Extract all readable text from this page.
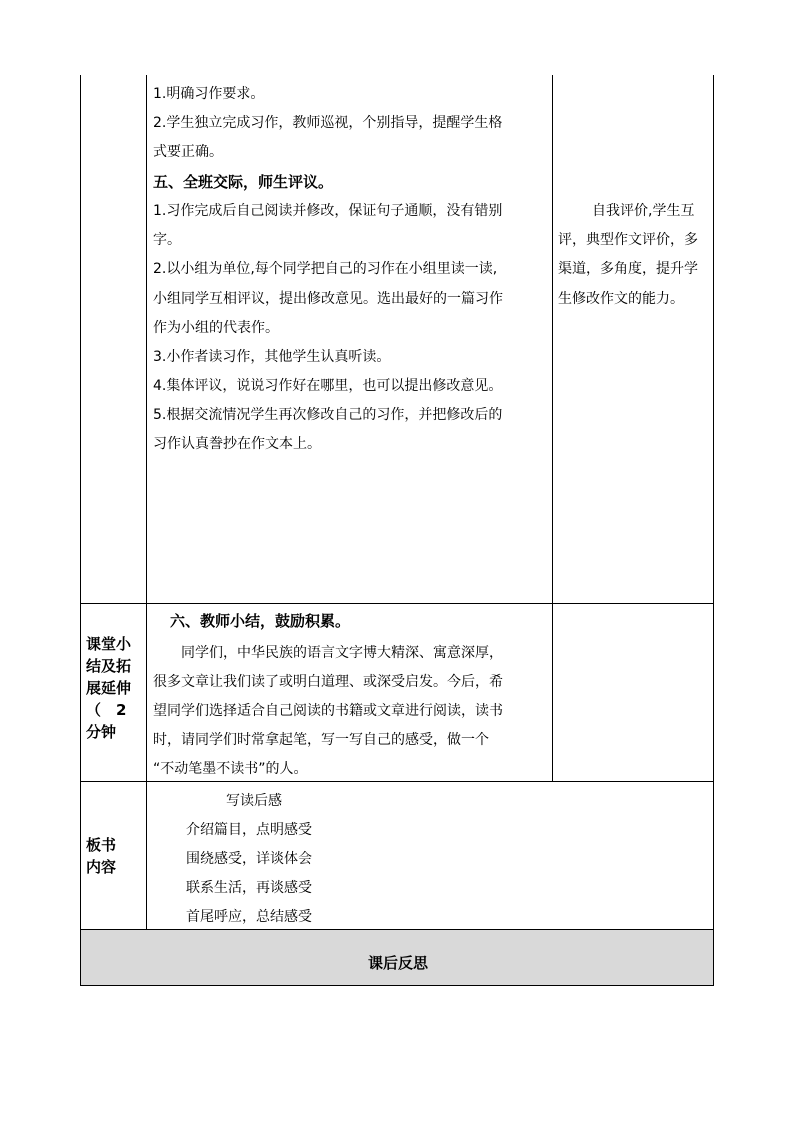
1.明确习作要求。
2.学生独立完成习作，教师巡视，个别指导，提醒学生格
式要正确。
五、全班交际，师生评议。
1.习作完成后自己阅读并修改，保证句子通顺，没有错别
字。
2.以小组为单位,每个同学把自己的习作在小组里读一读,
小组同学互相评议，提出修改意见。选出最好的一篇习作
作为小组的代表作。
3.小作者读习作，其他学生认真听读。
4.集体评议，说说习作好在哪里，也可以提出修改意见。
5.根据交流情况学生再次修改自己的习作，并把修改后的
习作认真誊抄在作文本上。
自我评价,学生互
评，典型作文评价，多
渠道，多角度，提升学
生修改作文的能力。
课堂小
结及拓
展延伸
（　2
分钟
六、教师小结，鼓励积累。
同学们，中华民族的语言文字博大精深、寓意深厚，
很多文章让我们读了或明白道理、或深受启发。今后，希
望同学们选择适合自己阅读的书籍或文章进行阅读，读书
时，请同学们时常拿起笔，写一写自己的感受，做一个
“不动笔墨不读书”的人。
板书
内容
写读后感
介绍篇目，点明感受
围绕感受，详谈体会
联系生活，再谈感受
首尾呼应，总结感受
课后反思
